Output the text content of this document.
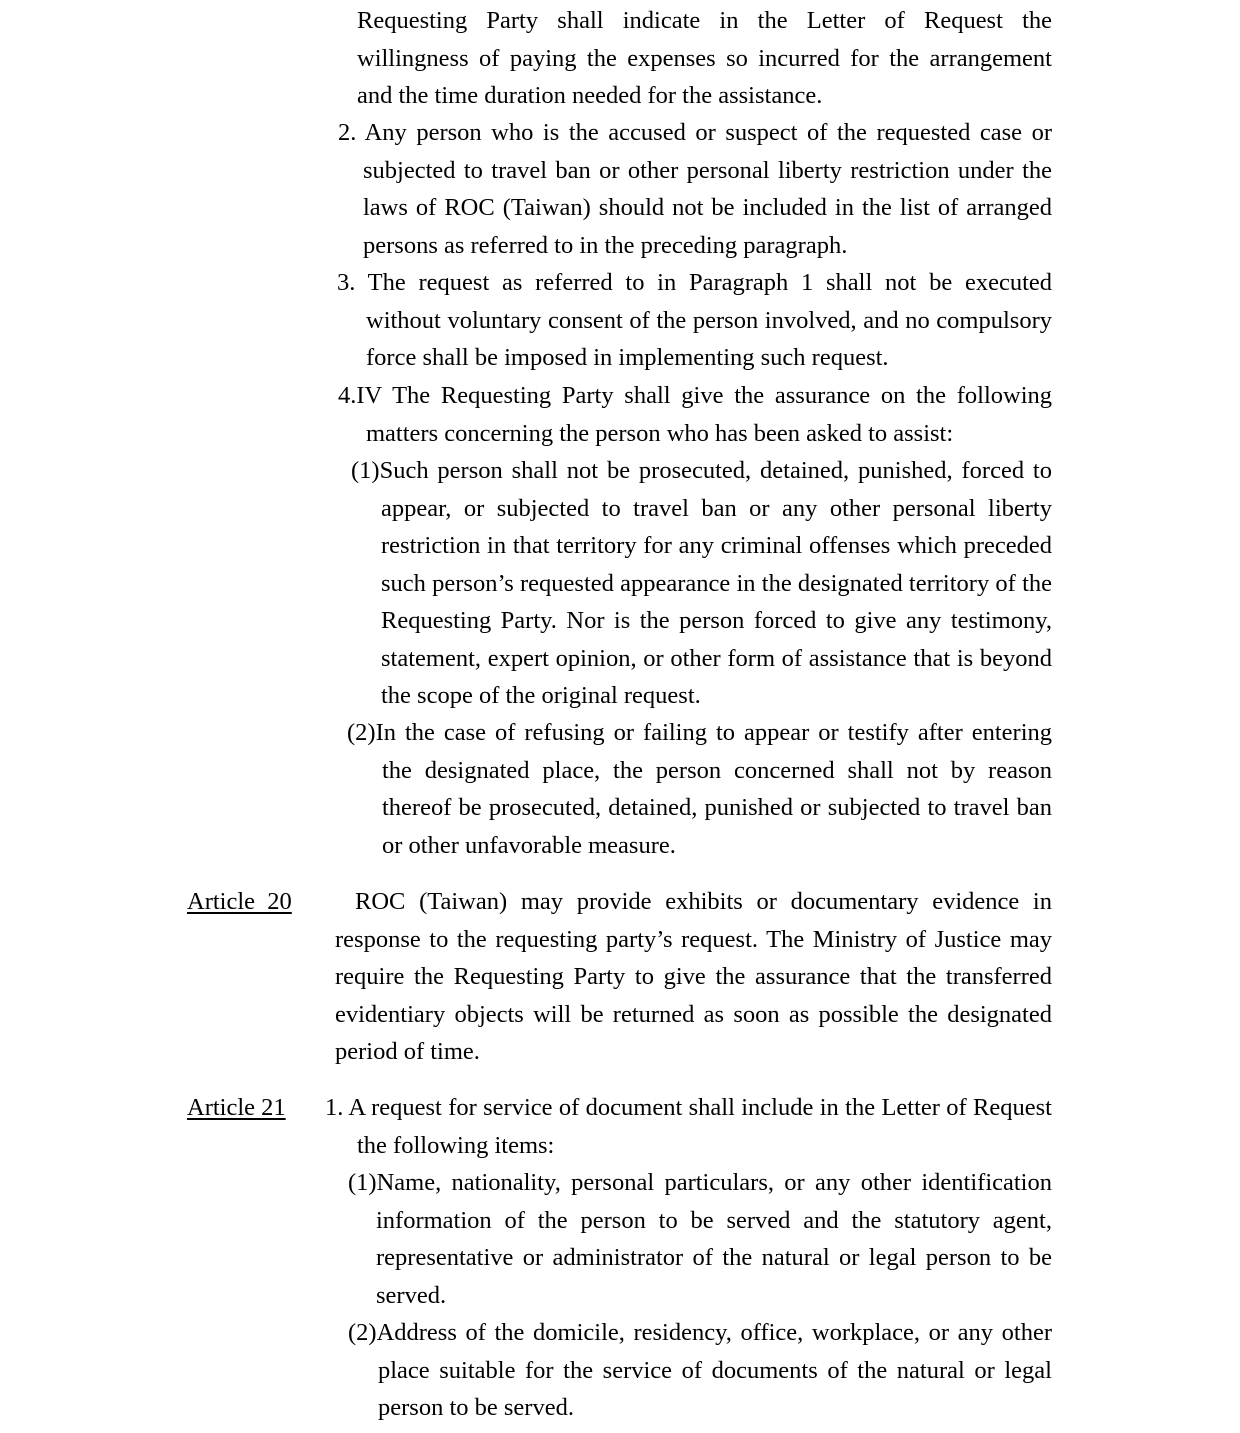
Requesting Party shall indicate in the Letter of Request the willingness of paying the expenses so incurred for the arrangement and the time duration needed for the assistance.

2. Any person who is the accused or suspect of the requested case or subjected to travel ban or other personal liberty restriction under the laws of ROC (Taiwan) should not be included in the list of arranged persons as referred to in the preceding paragraph.

3. The request as referred to in Paragraph 1 shall not be executed without voluntary consent of the person involved, and no compulsory force shall be imposed in implementing such request.

4.IV The Requesting Party shall give the assurance on the following matters concerning the person who has been asked to assist:

(1)Such person shall not be prosecuted, detained, punished, forced to appear, or subjected to travel ban or any other personal liberty restriction in that territory for any criminal offenses which preceded such person’s requested appearance in the designated territory of the Requesting Party. Nor is the person forced to give any testimony, statement, expert opinion, or other form of assistance that is beyond the scope of the original request.

(2)In the case of refusing or failing to appear or testify after entering the designated place, the person concerned shall not by reason thereof be prosecuted, detained, punished or subjected to travel ban or other unfavorable measure.

Article  20	ROC (Taiwan) may provide exhibits or documentary evidence in response to the requesting party’s request. The Ministry of Justice may require the Requesting Party to give the assurance that the transferred evidentiary objects will be returned as soon as possible the designated period of time.

Article 21 1. A request for service of document shall include in the Letter of Request the following items:

(1)Name, nationality, personal particulars, or any other identification information of the person to be served and the statutory agent, representative or administrator of the natural or legal person to be served.

(2)Address of the domicile, residency, office, workplace, or any other place suitable for the service of documents of the natural or legal person to be served.
